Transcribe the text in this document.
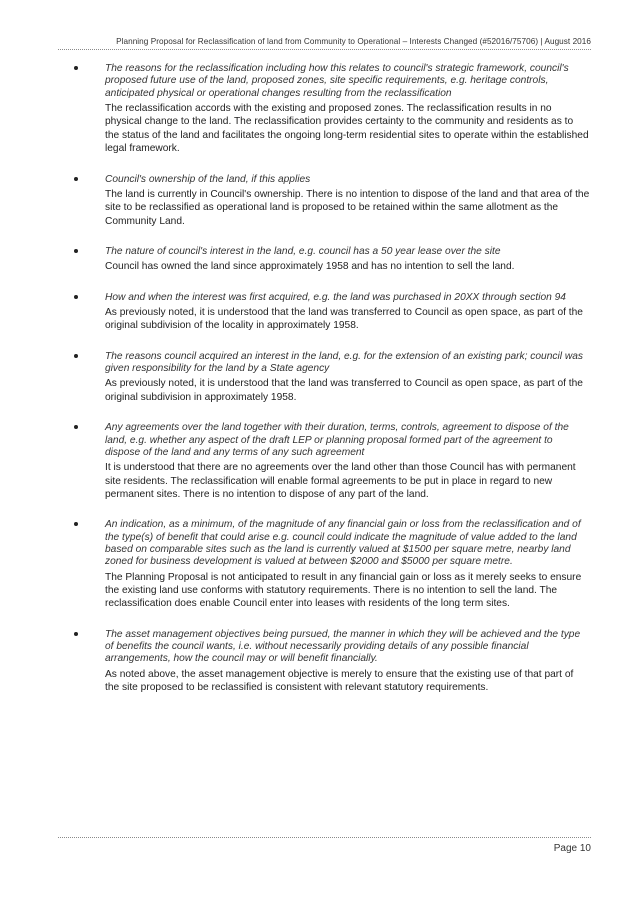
Planning Proposal for Reclassification of land from Community to Operational – Interests Changed (#52016/75706) | August 2016
The reasons for the reclassification including how this relates to council's strategic framework, council's proposed future use of the land, proposed zones, site specific requirements, e.g. heritage controls, anticipated physical or operational changes resulting from the reclassification
The reclassification accords with the existing and proposed zones. The reclassification results in no physical change to the land. The reclassification provides certainty to the community and residents as to the status of the land and facilitates the ongoing long-term residential sites to operate within the established legal framework.
Council's ownership of the land, if this applies
The land is currently in Council's ownership. There is no intention to dispose of the land and that area of the site to be reclassified as operational land is proposed to be retained within the same allotment as the Community Land.
The nature of council's interest in the land, e.g. council has a 50 year lease over the site
Council has owned the land since approximately 1958 and has no intention to sell the land.
How and when the interest was first acquired, e.g. the land was purchased in 20XX through section 94
As previously noted, it is understood that the land was transferred to Council as open space, as part of the original subdivision of the locality in approximately 1958.
The reasons council acquired an interest in the land, e.g. for the extension of an existing park; council was given responsibility for the land by a State agency
As previously noted, it is understood that the land was transferred to Council as open space, as part of the original subdivision in approximately 1958.
Any agreements over the land together with their duration, terms, controls, agreement to dispose of the land, e.g. whether any aspect of the draft LEP or planning proposal formed part of the agreement to dispose of the land and any terms of any such agreement
It is understood that there are no agreements over the land other than those Council has with permanent site residents. The reclassification will enable formal agreements to be put in place in regard to new permanent sites. There is no intention to dispose of any part of the land.
An indication, as a minimum, of the magnitude of any financial gain or loss from the reclassification and of the type(s) of benefit that could arise e.g. council could indicate the magnitude of value added to the land based on comparable sites such as the land is currently valued at $1500 per square metre, nearby land zoned for business development is valued at between $2000 and $5000 per square metre.
The Planning Proposal is not anticipated to result in any financial gain or loss as it merely seeks to ensure the existing land use conforms with statutory requirements. There is no intention to sell the land. The reclassification does enable Council enter into leases with residents of the long term sites.
The asset management objectives being pursued, the manner in which they will be achieved and the type of benefits the council wants, i.e. without necessarily providing details of any possible financial arrangements, how the council may or will benefit financially.
As noted above, the asset management objective is merely to ensure that the existing use of that part of the site proposed to be reclassified is consistent with relevant statutory requirements.
Page 10
